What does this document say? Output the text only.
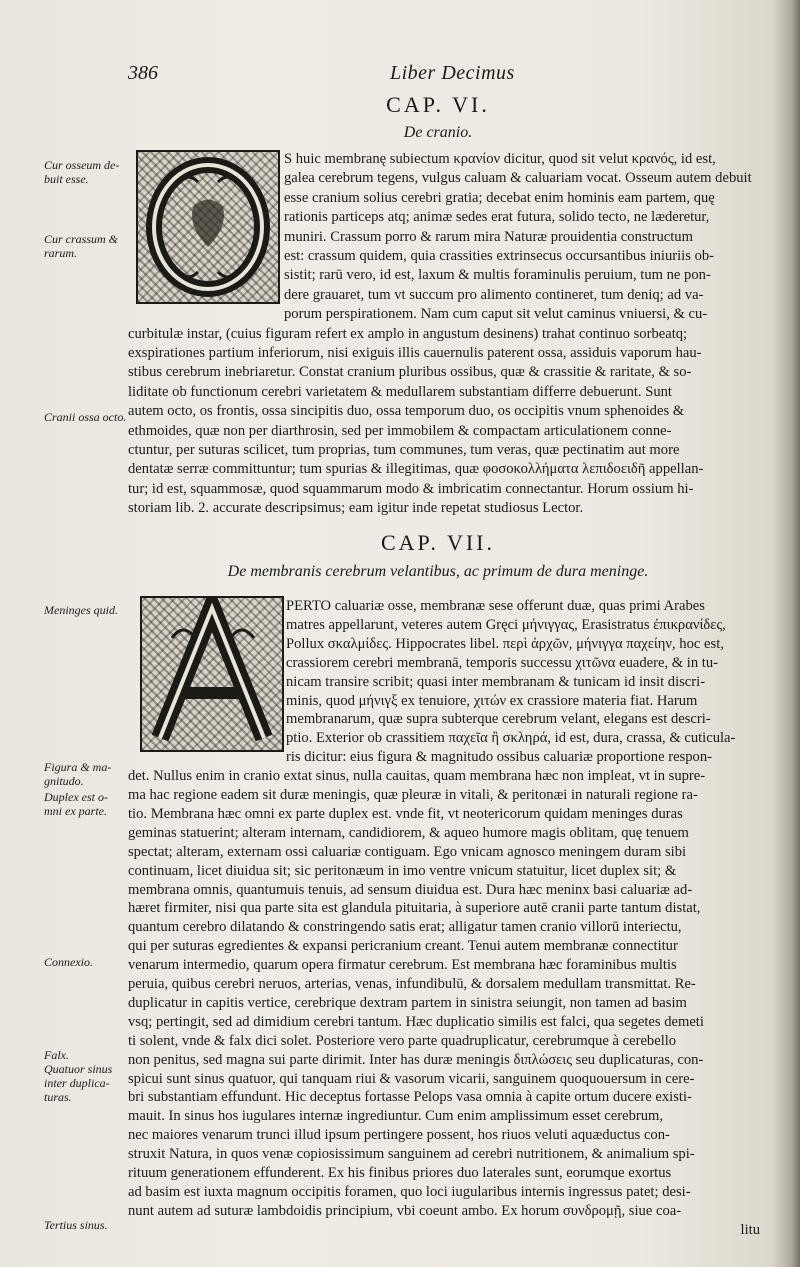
386	Liber Decimus
CAP. VI.
De cranio.
Cur osseum de-
buit esse.
Cur crassum &
rarum.
Cranii ossa octo.
S huic membranę subiectum κρανίον dicitur, quod sit velut κρανός, id est,
galea cerebrum tegens, vulgus caluam & caluariam vocat. Osseum autem debuit
esse cranium solius cerebri gratia; decebat enim hominis eam partem, quę
rationis particeps atq; animæ sedes erat futura, solido tecto, ne læderetur,
muniri. Crassum porro & rarum mira Naturæ prouidentia constructum
est: crassum quidem, quia crassities extrinsecus occursantibus iniuriis ob-
sistit; rarū vero, id est, laxum & multis foraminulis peruium, tum ne pon-
dere grauaret, tum vt succum pro alimento contineret, tum deniq; ad va-
porum perspirationem. Nam cum caput sit velut caminus vniuersi, & cu-
curbitulæ instar, (cuius figuram refert ex amplo in angustum desinens) trahat continuo sorbeatq;
exspirationes partium inferiorum, nisi exiguis illis cauernulis paterent ossa, assiduis vaporum hau-
stibus cerebrum inebriaretur. Constat cranium pluribus ossibus, quæ & crassitie & raritate, & so-
liditate ob functionum cerebri varietatem & medullarem substantiam differre debuerunt. Sunt
autem octo, os frontis, ossa sincipitis duo, ossa temporum duo, os occipitis vnum sphenoides &
ethmoides, quæ non per diarthrosin, sed per immobilem & compactam articulationem conne-
ctuntur, per suturas scilicet, tum proprias, tum communes, tum veras, quæ pectinatim aut more
dentatæ serræ committuntur; tum spurias & illegitimas, quæ φοσοκολλήματα λεπιδοειδῆ appellan-
tur; id est, squammosæ, quod squammarum modo & imbricatim connectantur. Horum ossium hi-
storiam lib. 2. accurate descripsimus; eam igitur inde repetat studiosus Lector.
CAP. VII.
De membranis cerebrum velantibus, ac primum de dura meninge.
Meninges quid.
Figura & ma-
gnitudo.
Duplex est o-
mni ex parte.
Connexio.
Falx.
Quatuor sinus
inter duplica-
turas.
Tertius sinus.
PERTO caluariæ osse, membranæ sese offerunt duæ, quas primi Arabes
matres appellarunt, veteres autem Gręci μήνιγγας, Erasistratus ἐπικρανίδες,
Pollux σκαλμίδες. Hippocrates libel. περὶ ἀρχῶν, μήνιγγα παχείην, hoc est,
crassiorem cerebri membranā, temporis successu χιτῶνα euadere, & in tu-
nicam transire scribit; quasi inter membranam & tunicam id insit discri-
minis, quod μήνιγξ ex tenuiore, χιτών ex crassiore materia fiat. Harum
membranarum, quæ supra subterque cerebrum velant, elegans est descri-
ptio. Exterior ob crassitiem παχεῖα ἢ σκληρά, id est, dura, crassa, & cuticula-
ris dicitur: eius figura & magnitudo ossibus caluariæ proportione respon-
det. Nullus enim in cranio extat sinus, nulla cauitas, quam membrana hæc non impleat, vt in supre-
ma hac regione eadem sit duræ meningis, quæ pleuræ in vitali, & peritonæi in naturali regione ra-
tio. Membrana hæc omni ex parte duplex est. vnde fit, vt neotericorum quidam meninges duras
geminas statuerint; alteram internam, candidiorem, & aqueo humore magis oblitam, quę tenuem
spectat; alteram, externam ossi caluariæ contiguam. Ego vnicam agnosco meningem duram sibi
continuam, licet diuidua sit; sic peritonæum in imo ventre vnicum statuitur, licet duplex sit; &
membrana omnis, quantumuis tenuis, ad sensum diuidua est. Dura hæc meninx basi caluariæ ad-
hæret firmiter, nisi qua parte sita est glandula pituitaria, à superiore autē cranii parte tantum distat,
quantum cerebro dilatando & constringendo satis erat; alligatur tamen cranio villorū interiectu,
qui per suturas egredientes & expansi pericranium creant. Tenui autem membranæ connectitur
venarum intermedio, quarum opera firmatur cerebrum. Est membrana hæc foraminibus multis
peruia, quibus cerebri neruos, arterias, venas, infundibulū, & dorsalem medullam transmittat. Re-
duplicatur in capitis vertice, cerebrique dextram partem in sinistra seiungit, non tamen ad basim
vsq; pertingit, sed ad dimidium cerebri tantum. Hæc duplicatio similis est falci, qua segetes demeti
ti solent, vnde & falx dici solet. Posteriore vero parte quadruplicatur, cerebrumque à cerebello
non penitus, sed magna sui parte dirimit. Inter has duræ meningis διπλώσεις seu duplicaturas, con-
spicui sunt sinus quatuor, qui tanquam riui & vasorum vicarii, sanguinem quoquouersum in cere-
bri substantiam effundunt. Hic deceptus fortasse Pelops vasa omnia à capite ortum ducere existi-
mauit. In sinus hos iugulares internæ ingrediuntur. Cum enim amplissimum esset cerebrum,
nec maiores venarum trunci illud ipsum pertingere possent, hos riuos veluti aquæductus con-
struxit Natura, in quos venæ copiosissimum sanguinem ad cerebri nutritionem, & animalium spi-
rituum generationem effunderent. Ex his finibus priores duo laterales sunt, eorumque exortus
ad basim est iuxta magnum occipitis foramen, quo loci iugularibus internis ingressus patet; desi-
nunt autem ad suturæ lambdoidis principium, vbi coeunt ambo. Ex horum συνδρομῇ, siue coa-
litu
